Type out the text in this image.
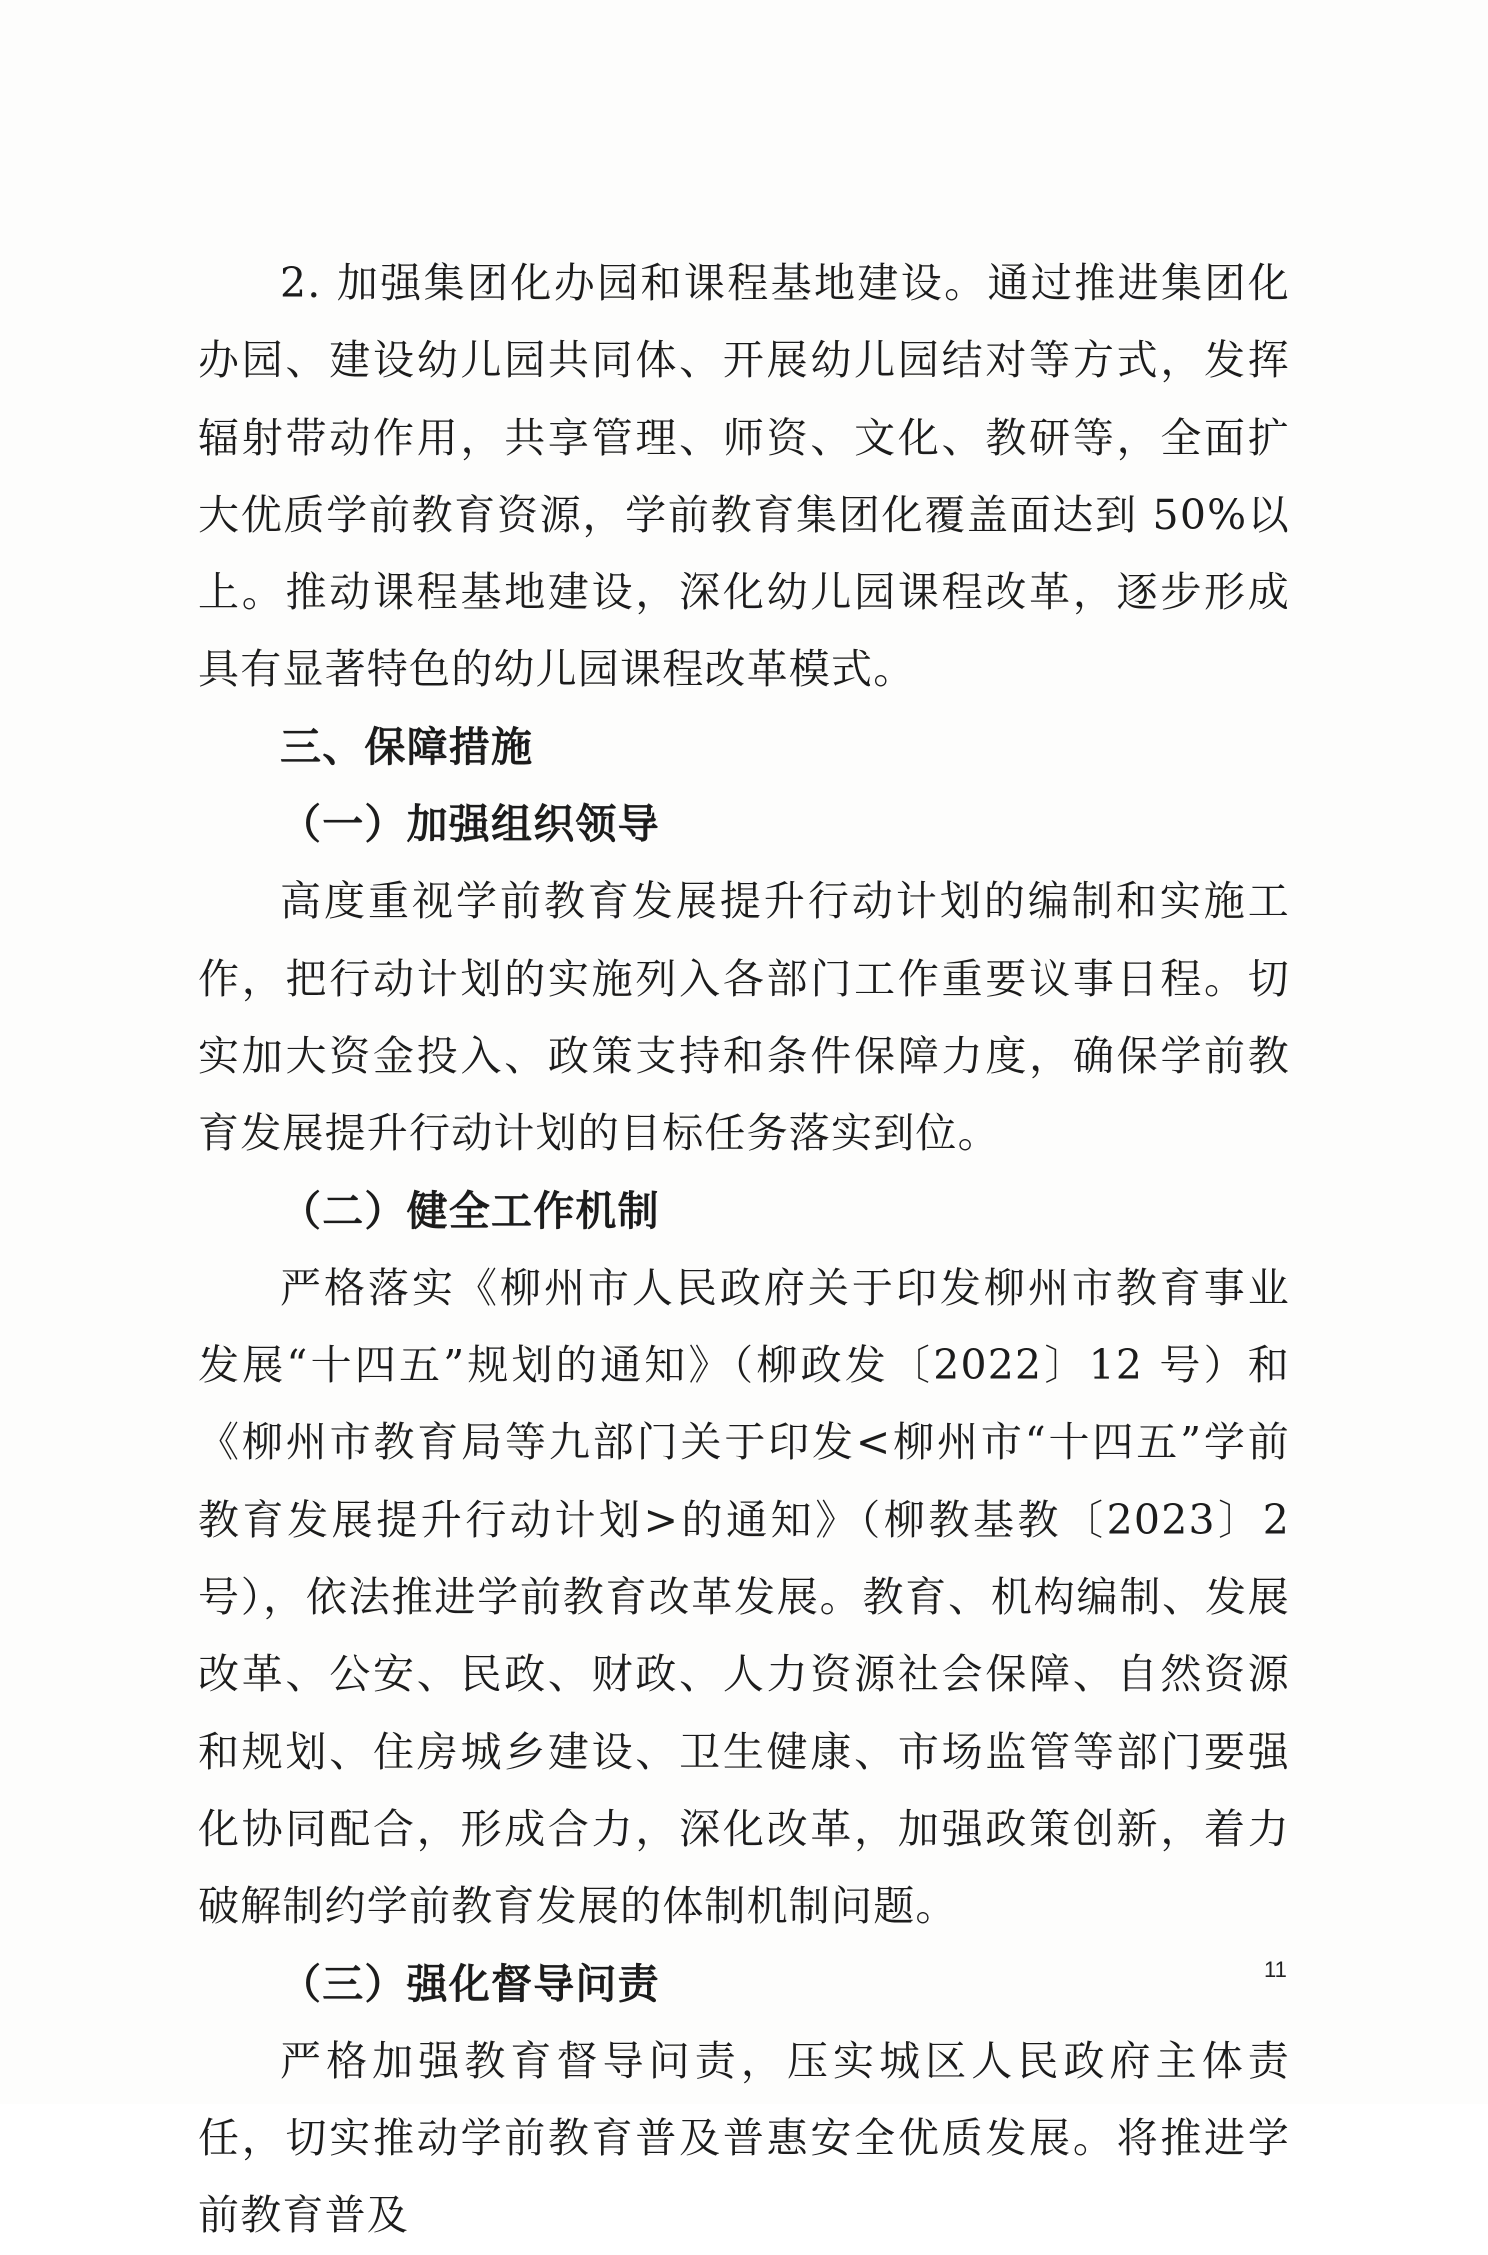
2. 加强集团化办园和课程基地建设。通过推进集团化办园、建设幼儿园共同体、开展幼儿园结对等方式，发挥辐射带动作用，共享管理、师资、文化、教研等，全面扩大优质学前教育资源，学前教育集团化覆盖面达到 50%以上。推动课程基地建设，深化幼儿园课程改革，逐步形成具有显著特色的幼儿园课程改革模式。

三、保障措施

（一）加强组织领导

高度重视学前教育发展提升行动计划的编制和实施工作，把行动计划的实施列入各部门工作重要议事日程。切实加大资金投入、政策支持和条件保障力度，确保学前教育发展提升行动计划的目标任务落实到位。

（二）健全工作机制

严格落实《柳州市人民政府关于印发柳州市教育事业发展“十四五”规划的通知》（柳政发〔2022〕12 号）和《柳州市教育局等九部门关于印发<柳州市“十四五”学前教育发展提升行动计划>的通知》（柳教基教〔2023〕2 号），依法推进学前教育改革发展。教育、机构编制、发展改革、公安、民政、财政、人力资源社会保障、自然资源和规划、住房城乡建设、卫生健康、市场监管等部门要强化协同配合，形成合力，深化改革，加强政策创新，着力破解制约学前教育发展的体制机制问题。

（三）强化督导问责

严格加强教育督导问责，压实城区人民政府主体责任，切实推动学前教育普及普惠安全优质发展。将推进学前教育普及

11
